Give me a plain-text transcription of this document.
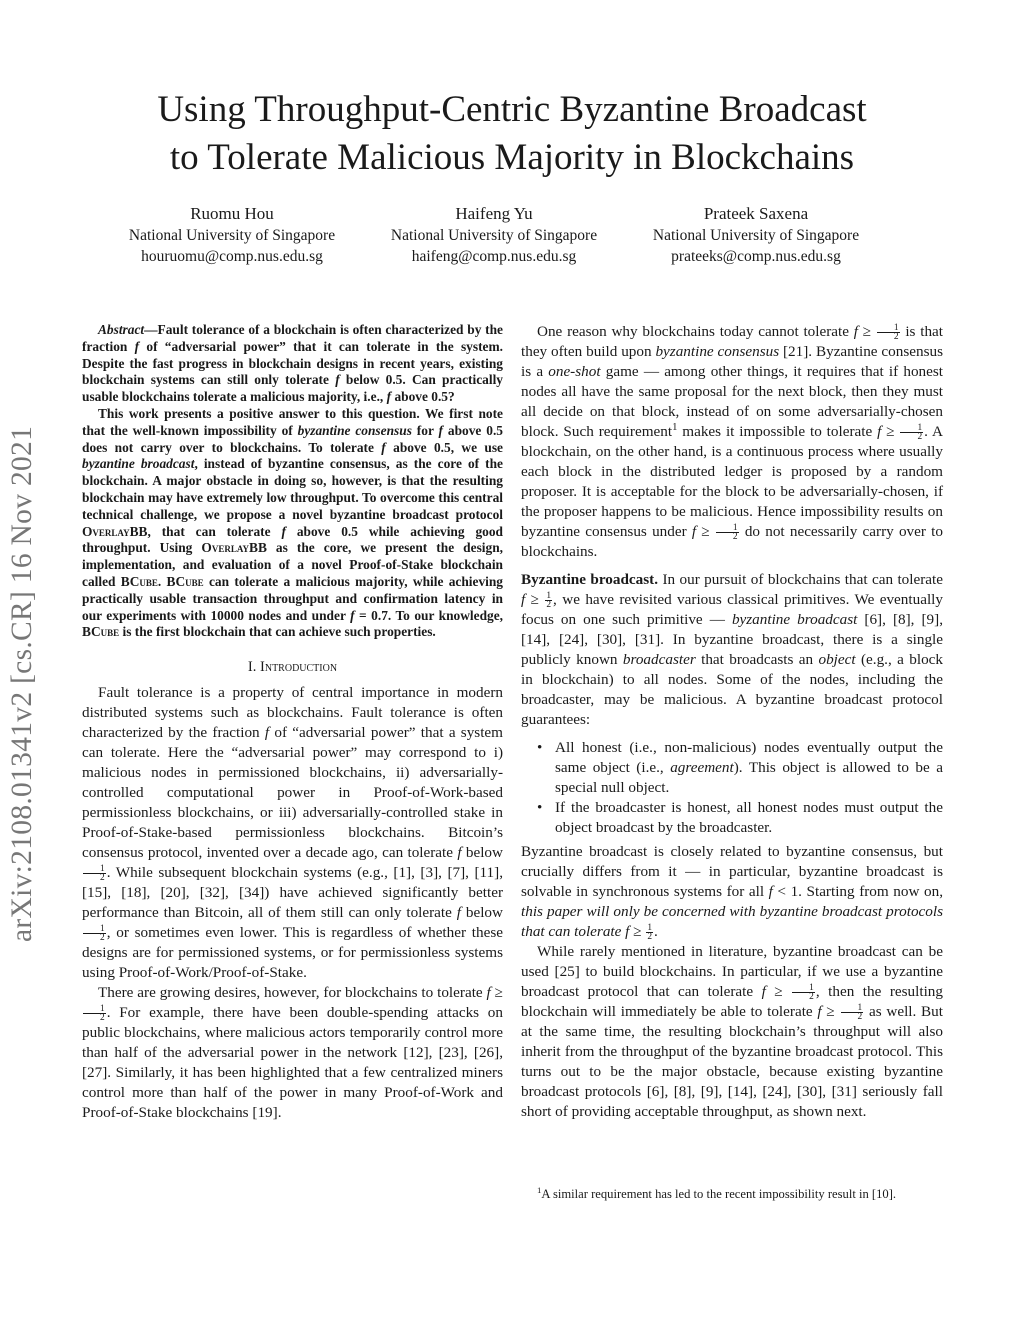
Using Throughput-Centric Byzantine Broadcast
to Tolerate Malicious Majority in Blockchains
Ruomu Hou
National University of Singapore
houruomu@comp.nus.edu.sg
Haifeng Yu
National University of Singapore
haifeng@comp.nus.edu.sg
Prateek Saxena
National University of Singapore
prateeks@comp.nus.edu.sg
arXiv:2108.01341v2 [cs.CR] 16 Nov 2021

Abstract—Fault tolerance of a blockchain is often characterized by the fraction f of “adversarial power” that it can tolerate in the system. Despite the fast progress in blockchain designs in recent years, existing blockchain systems can still only tolerate f below 0.5. Can practically usable blockchains tolerate a malicious majority, i.e., f above 0.5?

This work presents a positive answer to this question. We first note that the well-known impossibility of byzantine consensus for f above 0.5 does not carry over to blockchains. To tolerate f above 0.5, we use byzantine broadcast, instead of byzantine consensus, as the core of the blockchain. A major obstacle in doing so, however, is that the resulting blockchain may have extremely low throughput. To overcome this central technical challenge, we propose a novel byzantine broadcast protocol OverlayBB, that can tolerate f above 0.5 while achieving good throughput. Using OverlayBB as the core, we present the design, implementation, and evaluation of a novel Proof-of-Stake blockchain called BCube. BCube can tolerate a malicious majority, while achieving practically usable transaction throughput and confirmation latency in our experiments with 10000 nodes and under f = 0.7. To our knowledge, BCube is the first blockchain that can achieve such properties.

I. Introduction

Fault tolerance is a property of central importance in modern distributed systems such as blockchains. Fault tolerance is often characterized by the fraction f of “adversarial power” that a system can tolerate. Here the “adversarial power” may correspond to i) malicious nodes in permissioned blockchains, ii) adversarially-controlled computational power in Proof-of-Work-based permissionless blockchains, or iii) adversarially-controlled stake in Proof-of-Stake-based permissionless blockchains. Bitcoin’s consensus protocol, invented over a decade ago, can tolerate f below
$\frac{1}{2}$ . While subsequent blockchain systems (e.g., [1], [3], [7], [11], [15], [18], [20], [32], [34]) have achieved significantly better performance than Bitcoin, all of them still can only tolerate f below
$\frac{1}{2}$ , or sometimes even lower. This is regardless of whether these designs are for permissioned systems, or for permissionless systems using Proof-of-Work/Proof-of-Stake.

There are growing desires, however, for blockchains to tolerate f ≥
$\frac{1}{2}$ . For example, there have been double-spending attacks on public blockchains, where malicious actors temporarily control more than half of the adversarial power in the network [12], [23], [26], [27]. Similarly, it has been highlighted that a few centralized miners control more than half of the power in many Proof-of-Work and Proof-of-Stake blockchains [19].

One reason why blockchains today cannot tolerate $f \ge \frac{1}{2}$ is that they often build upon byzantine consensus [21]. Byzantine consensus is a one-shot game — among other things, it requires that if honest nodes all have the same proposal for the next block, then they must all decide on that block, instead of on some adversarially-chosen block. Such requirement$^1$ makes it impossible to tolerate $f \ge \frac{1}{2}$ . A blockchain, on the other hand, is a continuous process where usually each block in the distributed ledger is proposed by a random proposer. It is acceptable for the block to be adversarially-chosen, if the proposer happens to be malicious. Hence impossibility results on byzantine consensus under $f \ge \frac{1}{2}$ do not necessarily carry over to blockchains.

Byzantine broadcast. In our pursuit of blockchains that can tolerate $f \ge \frac{1}{2}$ , we have revisited various classical primitives. We eventually focus on one such primitive — byzantine broadcast [6], [8], [9], [14], [24], [30], [31]. In byzantine broadcast, there is a single publicly known broadcaster that broadcasts an object (e.g., a block in blockchain) to all nodes. Some of the nodes, including the broadcaster, may be malicious. A byzantine broadcast protocol guarantees:

• All honest (i.e., non-malicious) nodes eventually output the same object (i.e., agreement). This object is allowed to be a special null object.
• If the broadcaster is honest, all honest nodes must output the object broadcast by the broadcaster.

Byzantine broadcast is closely related to byzantine consensus, but crucially differs from it — in particular, byzantine broadcast is solvable in synchronous systems for all f < 1. Starting from now on, this paper will only be concerned with byzantine broadcast protocols that can tolerate $f \ge \frac{1}{2}$ .

While rarely mentioned in literature, byzantine broadcast can be used [25] to build blockchains. In particular, if we use a byzantine broadcast protocol that can tolerate $f \ge \frac{1}{2}$ , then the resulting blockchain will immediately be able to tolerate $f \ge \frac{1}{2}$ as well. But at the same time, the resulting blockchain’s throughput will also inherit from the throughput of the byzantine broadcast protocol. This turns out to be the major obstacle, because existing byzantine broadcast protocols [6], [8], [9], [14], [24], [30], [31] seriously fall short of providing acceptable throughput, as shown next.

$^1$A similar requirement has led to the recent impossibility result in [10].
